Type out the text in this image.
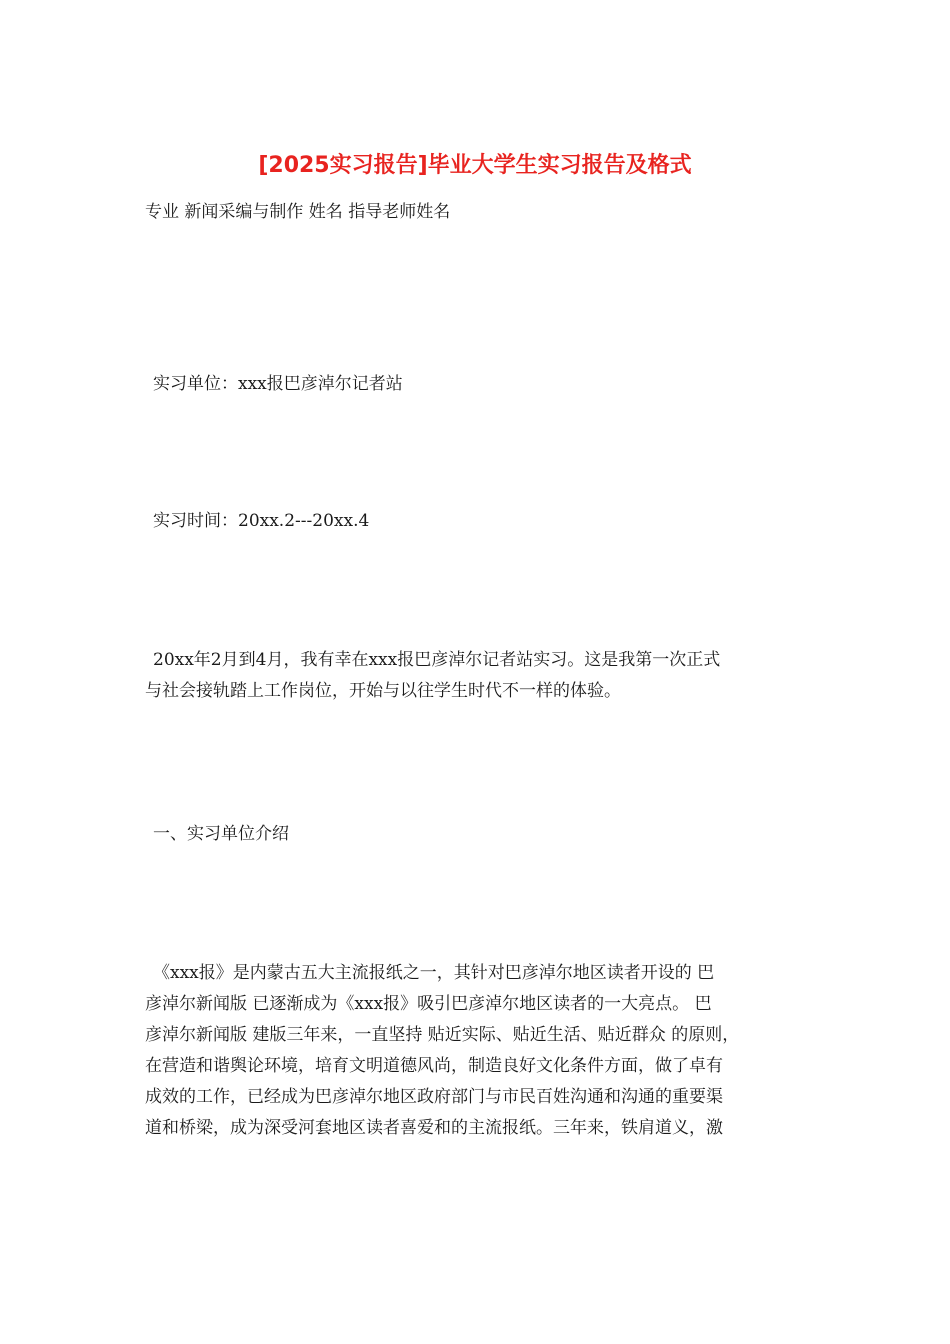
[2025实习报告]毕业大学生实习报告及格式
专业 新闻采编与制作 姓名 指导老师姓名
实习单位：xxx报巴彦淖尔记者站
实习时间：20xx.2---20xx.4
20xx年2月到4月，我有幸在xxx报巴彦淖尔记者站实习。这是我第一次正式
与社会接轨踏上工作岗位，开始与以往学生时代不一样的体验。
一、实习单位介绍
《xxx报》是内蒙古五大主流报纸之一，其针对巴彦淖尔地区读者开设的 巴
彦淖尔新闻版 已逐渐成为《xxx报》吸引巴彦淖尔地区读者的一大亮点。 巴
彦淖尔新闻版 建版三年来，一直坚持 贴近实际、贴近生活、贴近群众 的原则，
在营造和谐舆论环境，培育文明道德风尚，制造良好文化条件方面，做了卓有
成效的工作，已经成为巴彦淖尔地区政府部门与市民百姓沟通和沟通的重要渠
道和桥梁，成为深受河套地区读者喜爱和的主流报纸。三年来，铁肩道义，激
